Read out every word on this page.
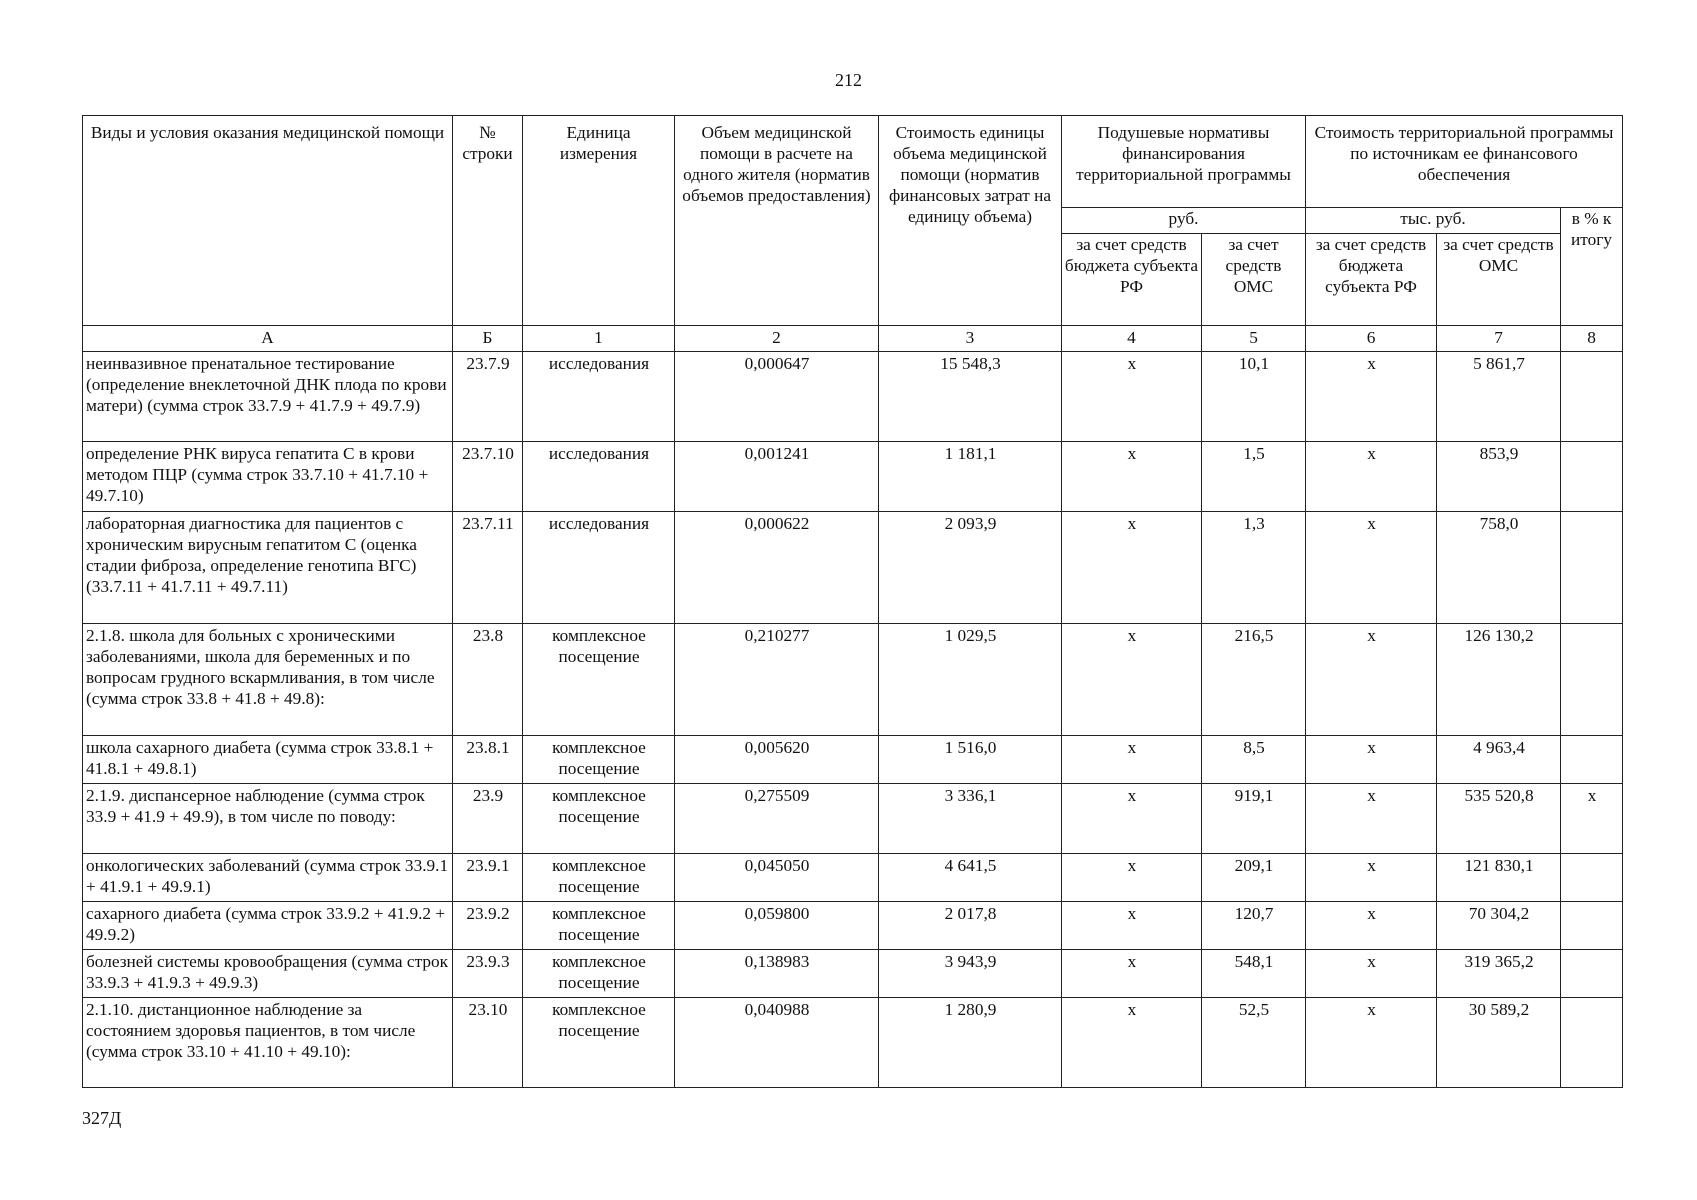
212
Виды и условия оказания медицинской помощи	№ строки	Единица измерения	Объем медицинской помощи в расчете на одного жителя (норматив объемов предоставления)	Стоимость единицы объема медицинской помощи (норматив финансовых затрат на единицу объема)	Подушевые нормативы финансирования территориальной программы		Стоимость территориальной программы по источникам ее финансового обеспечения		
					руб.		тыс. руб.		в % к итогу
					за счет средств бюджета субъекта РФ	за счет средств ОМС	за счет средств бюджета субъекта РФ	за счет средств ОМС	
А	Б	1	2	3	4	5	6	7	8
неинвазивное пренатальное тестирование (определение внеклеточной ДНК плода по крови матери) (сумма строк 33.7.9 + 41.7.9 + 49.7.9)	23.7.9	исследования	0,000647	15 548,3	х	10,1	х	5 861,7	
определение РНК вируса гепатита С в крови методом ПЦР (сумма строк 33.7.10 + 41.7.10 + 49.7.10)	23.7.10	исследования	0,001241	1 181,1	х	1,5	х	853,9	
лабораторная диагностика для пациентов с хроническим вирусным гепатитом С (оценка стадии фиброза, определение генотипа ВГС) (33.7.11 + 41.7.11 + 49.7.11)	23.7.11	исследования	0,000622	2 093,9	х	1,3	х	758,0	
2.1.8. школа для больных с хроническими заболеваниями, школа для беременных и по вопросам грудного вскармливания, в том числе (сумма строк 33.8 + 41.8 + 49.8):	23.8	комплексное посещение	0,210277	1 029,5	х	216,5	х	126 130,2	
школа сахарного диабета (сумма строк 33.8.1 + 41.8.1 + 49.8.1)	23.8.1	комплексное посещение	0,005620	1 516,0	х	8,5	х	4 963,4	
2.1.9. диспансерное наблюдение (сумма строк 33.9 + 41.9 + 49.9), в том числе по поводу:	23.9	комплексное посещение	0,275509	3 336,1	х	919,1	х	535 520,8	х
онкологических заболеваний (сумма строк 33.9.1 + 41.9.1 + 49.9.1)	23.9.1	комплексное посещение	0,045050	4 641,5	х	209,1	х	121 830,1	
сахарного диабета (сумма строк 33.9.2 + 41.9.2 + 49.9.2)	23.9.2	комплексное посещение	0,059800	2 017,8	х	120,7	х	70 304,2	
болезней системы кровообращения (сумма строк 33.9.3 + 41.9.3 + 49.9.3)	23.9.3	комплексное посещение	0,138983	3 943,9	х	548,1	х	319 365,2	
2.1.10. дистанционное наблюдение за состоянием здоровья пациентов, в том числе (сумма строк 33.10 + 41.10 + 49.10):	23.10	комплексное посещение	0,040988	1 280,9	х	52,5	х	30 589,2	
327Д
